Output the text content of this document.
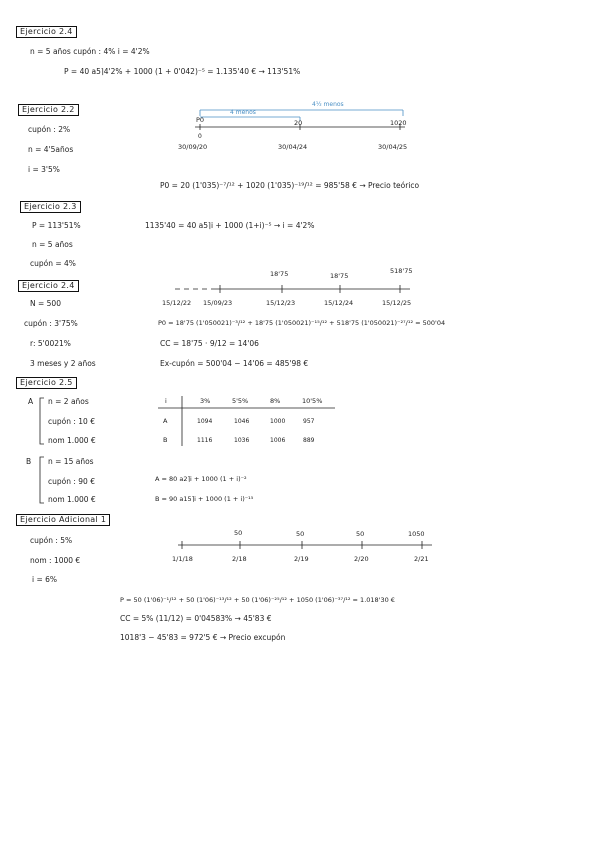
Ejercicio 2.4
n = 5 años cupón : 4% i = 4'2%
P = 40 a5⌉4'2% + 1000 (1 + 0'042)⁻⁵ = 1.135'40 € → 113'51%
Ejercicio 2.2
cupón : 2%
n = 4'5años
i = 3'5%
4½ menos
4 menos
P0	20	1020
0
30/09/20	30/04/24	30/04/25
P0 = 20 (1'035)⁻⁷/¹² + 1020 (1'035)⁻¹⁹/¹² = 985'58 € → Precio teórico
Ejercicio 2.3
P = 113'51%
n = 5 años
cupón = 4%
1135'40 = 40 a5⌉i + 1000 (1+i)⁻⁵ → i = 4'2%
Ejercicio 2.4
N = 500
cupón : 3'75%
r: 5'0021%
3 meses y 2 años
18'75	18'75
518'75
15/12/22 15/09/23	15/12/23	15/12/24	15/12/25
P0 = 18'75 (1'050021)⁻³/¹² + 18'75 (1'050021)⁻¹⁵/¹² + 518'75 (1'050021)⁻²⁷/¹² = 500'04
CC = 18'75 · 9/12 = 14'06
Ex-cupón = 500'04 − 14'06 = 485'98 €
Ejercicio 2.5
A n = 2 años
cupón : 10 €
nom 1.000 €
i	3%	5'5%	8%	10'5%
A	1094	1046	1000	957
B	1116	1036	1006	889
B n = 15 años
cupón : 90 €
nom 1.000 €
A = 80 a2⌉i + 1000 (1 + i)⁻²
B = 90 a15⌉i + 1000 (1 + i)⁻¹⁵
Ejercicio Adicional 1
cupón : 5%
nom : 1000 €
i = 6%
50	50	50	1050
1/1/18	2/18	2/19	2/20	2/21
P = 50 (1'06)⁻¹/¹² + 50 (1'06)⁻¹³/¹² + 50 (1'06)⁻²⁵/¹² + 1050 (1'06)⁻³⁷/¹² = 1.018'30 €
CC = 5% (11/12) = 0'04583% → 45'83 €
1018'3 − 45'83 = 972'5 € → Precio excupón
